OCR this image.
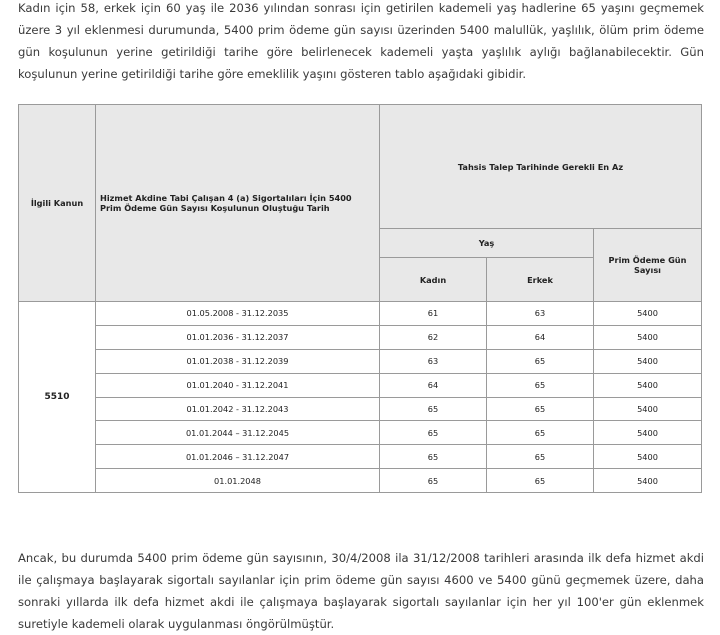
Kadın için 58, erkek için 60 yaş ile 2036 yılından sonrası için getirilen kademeli yaş hadlerine 65 yaşını geçmemek üzere 3 yıl eklenmesi durumunda, 5400 prim ödeme gün sayısı üzerinden 5400 malullük, yaşlılık, ölüm prim ödeme gün koşulunun yerine getirildiği tarihe göre belirlenecek kademeli yaşta yaşlılık aylığı bağlanabilecektir. Gün koşulunun yerine getirildiği tarihe göre emeklilik yaşını gösteren tablo aşağıdaki gibidir.

İlgili Kanun	Hizmet Akdine Tabi Çalışan 4 (a) Sigortalıları İçin 5400 Prim Ödeme Gün Sayısı Koşulunun Oluştuğu Tarih	Tahsis Talep Tarihinde Gerekli En Az		
		Yaş		Prim Ödeme Gün Sayısı
		Kadın	Erkek	
5510	01.05.2008 - 31.12.2035	61	63	5400
	01.01.2036 - 31.12.2037	62	64	5400
	01.01.2038 - 31.12.2039	63	65	5400
	01.01.2040 - 31.12.2041	64	65	5400
	01.01.2042 - 31.12.2043	65	65	5400
	01.01.2044 – 31.12.2045	65	65	5400
	01.01.2046 – 31.12.2047	65	65	5400
	01.01.2048	65	65	5400

Ancak, bu durumda 5400 prim ödeme gün sayısının, 30/4/2008 ila 31/12/2008 tarihleri arasında ilk defa hizmet akdi ile çalışmaya başlayarak sigortalı sayılanlar için prim ödeme gün sayısı 4600 ve 5400 günü geçmemek üzere, daha sonraki yıllarda ilk defa hizmet akdi ile çalışmaya başlayarak sigortalı sayılanlar için her yıl 100'er gün eklenmek suretiyle kademeli olarak uygulanması öngörülmüştür.
